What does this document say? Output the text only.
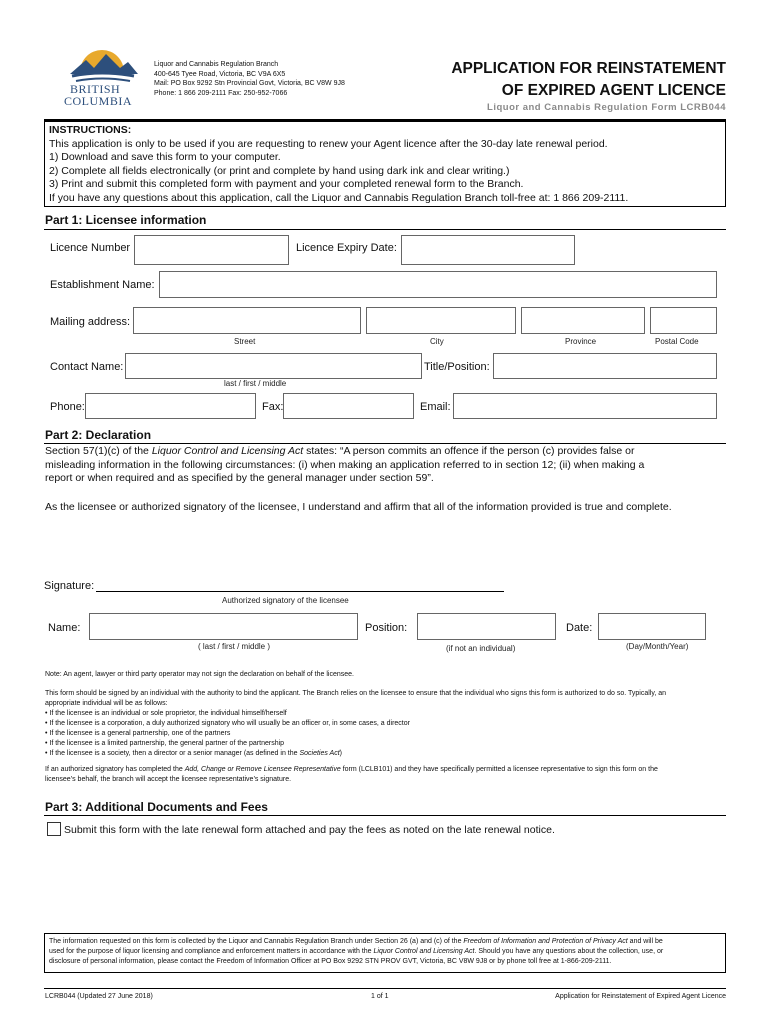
BRITISH
COLUMBIA
Liquor and Cannabis Regulation Branch
400-645 Tyee Road, Victoria, BC V9A 6X5
Mail: PO Box 9292 Stn Provincial Govt, Victoria, BC V8W 9J8
Phone: 1 866 209-2111 Fax: 250-952-7066
APPLICATION FOR REINSTATEMENT
OF EXPIRED AGENT LICENCE
Liquor and Cannabis Regulation Form LCRB044
INSTRUCTIONS:
This application is only to be used if you are requesting to renew your Agent licence after the 30-day late renewal period.
1) Download and save this form to your computer.
2) Complete all fields electronically (or print and complete by hand using dark ink and clear writing.)
3) Print and submit this completed form with payment and your completed renewal form to the Branch.
If you have any questions about this application, call the Liquor and Cannabis Regulation Branch toll-free at: 1 866 209-2111.
Part 1: Licensee information
Licence Number	Licence Expiry Date:
Establishment Name:
Mailing address:
Street	City	Province	Postal Code
Contact Name:	Title/Position:
last / first / middle
Phone:	Fax:	Email:
Part 2: Declaration
Section 57(1)(c) of the Liquor Control and Licensing Act states: “A person commits an offence if the person (c) provides false or
misleading information in the following circumstances: (i) when making an application referred to in section 12; (ii) when making a
report or when required and as specified by the general manager under section 59”.
As the licensee or authorized signatory of the licensee, I understand and affirm that all of the information provided is true and complete.
Signature:
Authorized signatory of the licensee
Name:	Position:	Date:
( last / first / middle )	(if not an individual)	(Day/Month/Year)
Note: An agent, lawyer or third party operator may not sign the declaration on behalf of the licensee.
This form should be signed by an individual with the authority to bind the applicant. The Branch relies on the licensee to ensure that the individual who signs this form is authorized to do so. Typically, an
appropriate individual will be as follows:
• If the licensee is an individual or sole proprietor, the individual himself/herself
• If the licensee is a corporation, a duly authorized signatory who will usually be an officer or, in some cases, a director
• If the licensee is a general partnership, one of the partners
• If the licensee is a limited partnership, the general partner of the partnership
• If the licensee is a society, then a director or a senior manager (as defined in the Societies Act)
If an authorized signatory has completed the Add, Change or Remove Licensee Representative form (LCLB101) and they have specifically permitted a licensee representative to sign this form on the
licensee’s behalf, the branch will accept the licensee representative’s signature.
Part 3: Additional Documents and Fees
Submit this form with the late renewal form attached and pay the fees as noted on the late renewal notice.
The information requested on this form is collected by the Liquor and Cannabis Regulation Branch under Section 26 (a) and (c) of the Freedom of Information and Protection of Privacy Act and will be
used for the purpose of liquor licensing and compliance and enforcement matters in accordance with the Liquor Control and Licensing Act. Should you have any questions about the collection, use, or
disclosure of personal information, please contact the Freedom of Information Officer at PO Box 9292 STN PROV GVT, Victoria, BC V8W 9J8 or by phone toll free at 1-866-209-2111.
LCRB044 (Updated 27 June 2018)	1 of 1	Application for Reinstatement of Expired Agent Licence
